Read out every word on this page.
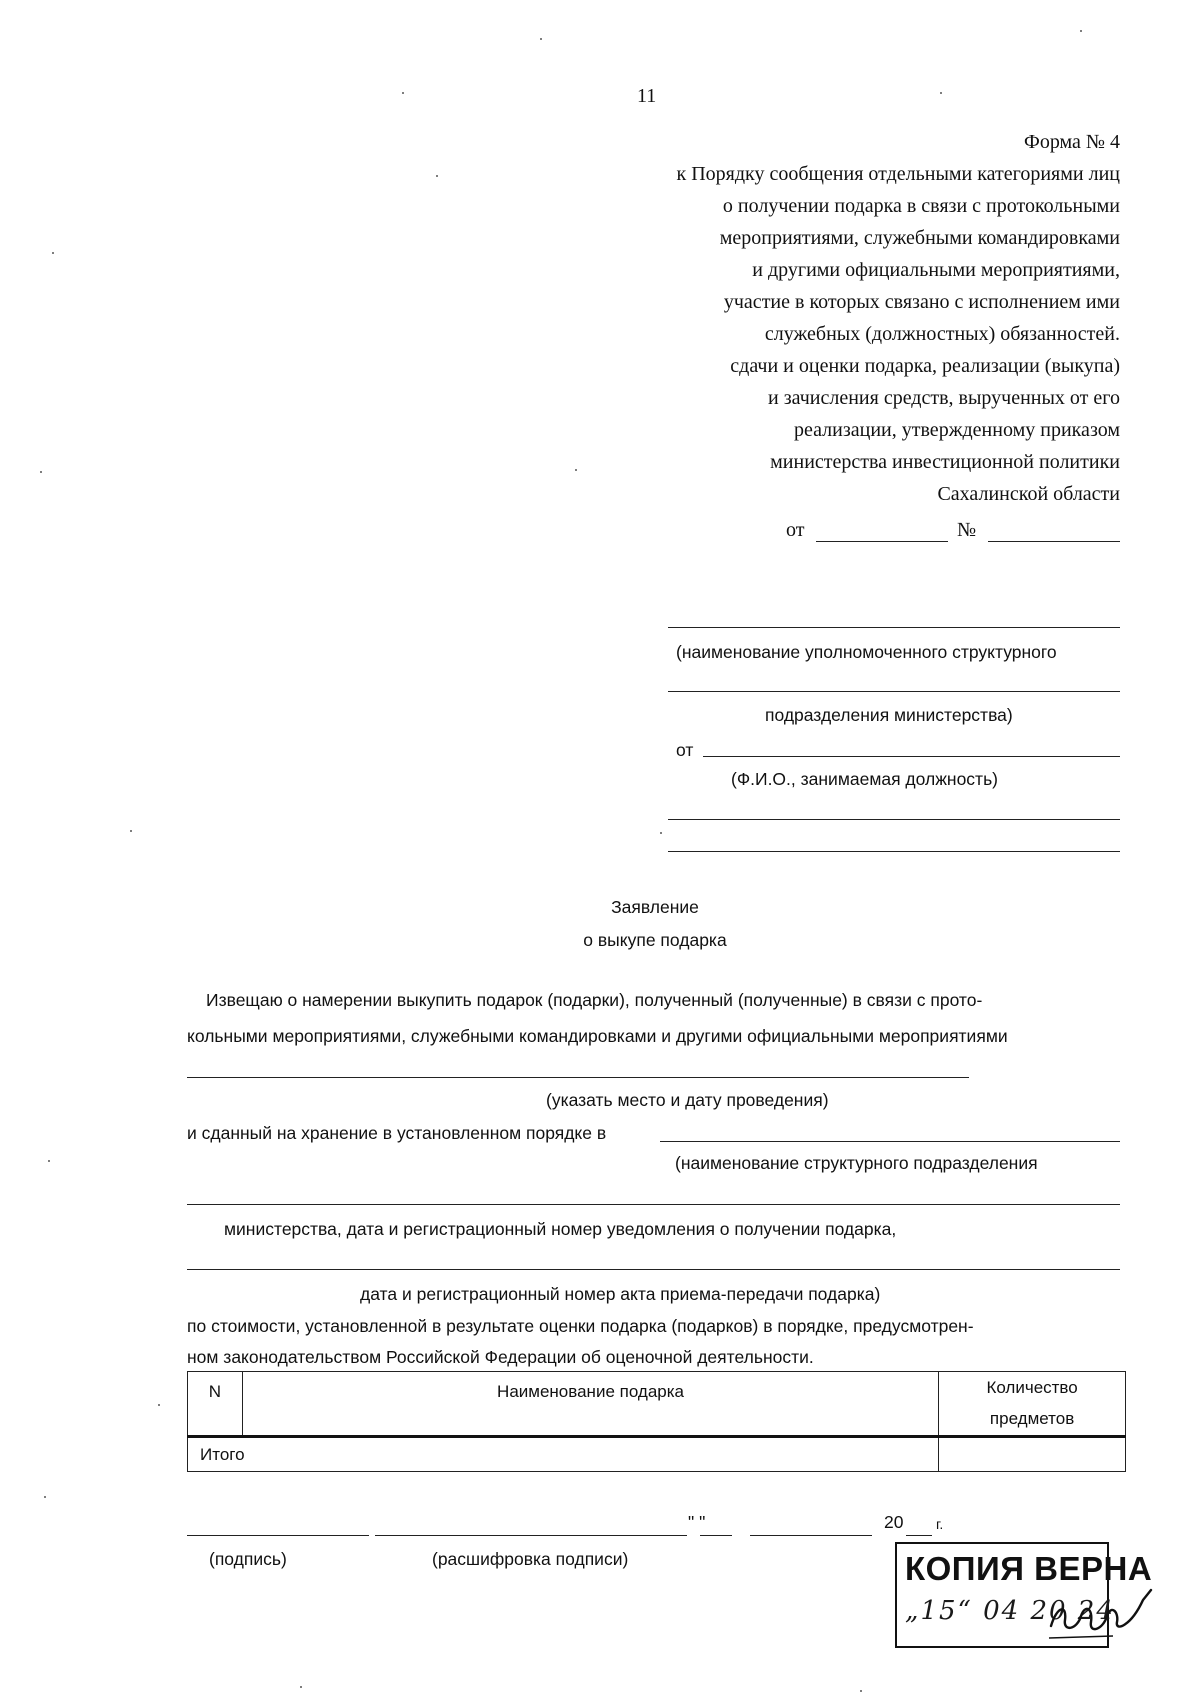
11
Форма № 4
к Порядку сообщения отдельными категориями лиц
о получении подарка в связи с протокольными
мероприятиями, служебными командировками
и другими официальными мероприятиями,
участие в которых связано с исполнением ими
служебных (должностных) обязанностей.
сдачи и оценки подарка, реализации (выкупа)
и зачисления средств, вырученных от его
реализации, утвержденному приказом
министерства инвестиционной политики
Сахалинской области
от	№
(наименование уполномоченного структурного
подразделения министерства)
от
(Ф.И.О., занимаемая должность)
Заявление
о выкупе подарка
Извещаю о намерении выкупить подарок (подарки), полученный (полученные) в связи с прото-
кольными мероприятиями, служебными командировками и другими официальными мероприятиями
(указать место и дату проведения)
и сданный на хранение в установленном порядке в
(наименование структурного подразделения
министерства, дата и регистрационный номер уведомления о получении подарка,
дата и регистрационный номер акта приема-передачи подарка)
по стоимости, установленной в результате оценки подарка (подарков) в порядке, предусмотрен-
ном законодательством Российской Федерации об оценочной деятельности.
N	Наименование подарка	Количество предметов

Итого		

" "	20 г.
(подпись)	(расшифровка подписи)	КОПИЯ ВЕРНА
„15“ 04 20 24
